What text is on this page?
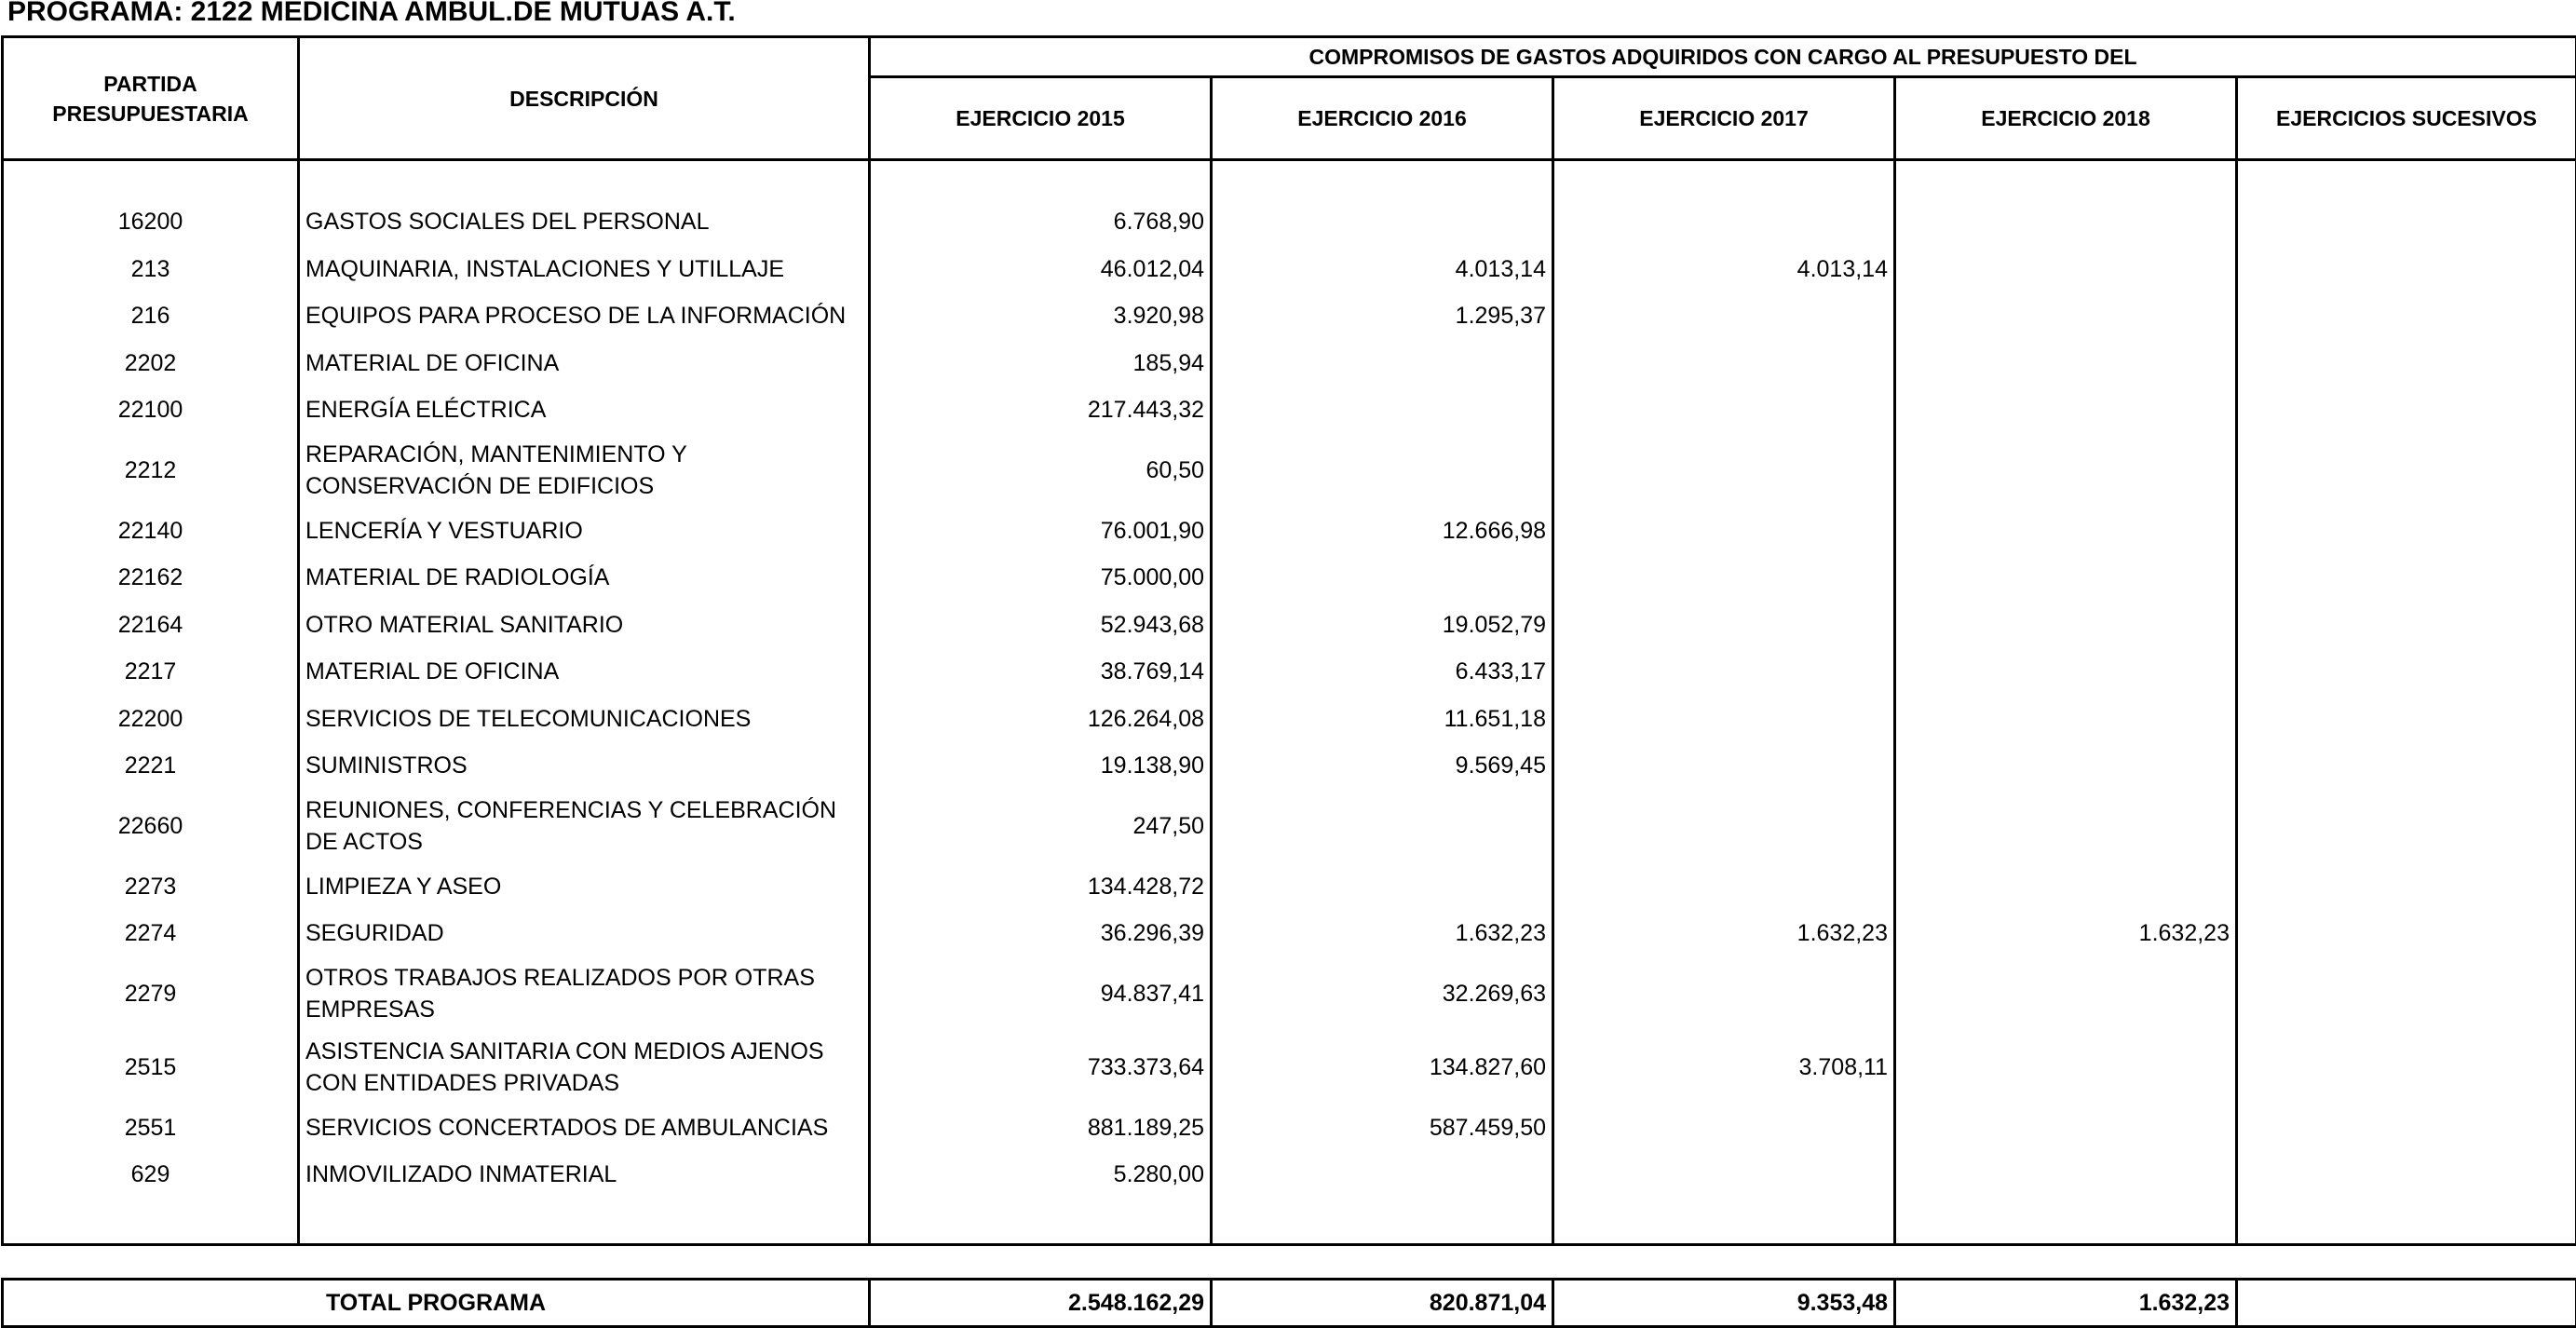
PROGRAMA: 2122 MEDICINA AMBUL.DE MUTUAS A.T.
PARTIDA PRESUPUESTARIA	DESCRIPCIÓN	COMPROMISOS DE GASTOS ADQUIRIDOS CON CARGO AL PRESUPUESTO DEL				
		EJERCICIO 2015	EJERCICIO 2016	EJERCICIO 2017	EJERCICIO 2018	EJERCICIOS SUCESIVOS

16200	GASTOS SOCIALES DEL PERSONAL	6.768,90				
213	MAQUINARIA, INSTALACIONES Y UTILLAJE	46.012,04	4.013,14	4.013,14		
216	EQUIPOS PARA PROCESO DE LA INFORMACIÓN	3.920,98	1.295,37			
2202	MATERIAL DE OFICINA	185,94				
22100	ENERGÍA ELÉCTRICA	217.443,32				
2212	REPARACIÓN, MANTENIMIENTO Y CONSERVACIÓN DE EDIFICIOS	60,50				
22140	LENCERÍA Y VESTUARIO	76.001,90	12.666,98			
22162	MATERIAL DE RADIOLOGÍA	75.000,00				
22164	OTRO MATERIAL SANITARIO	52.943,68	19.052,79			
2217	MATERIAL DE OFICINA	38.769,14	6.433,17			
22200	SERVICIOS DE TELECOMUNICACIONES	126.264,08	11.651,18			
2221	SUMINISTROS	19.138,90	9.569,45			
22660	REUNIONES, CONFERENCIAS Y CELEBRACIÓN DE ACTOS	247,50				
2273	LIMPIEZA Y ASEO	134.428,72				
2274	SEGURIDAD	36.296,39	1.632,23	1.632,23	1.632,23	
2279	OTROS TRABAJOS REALIZADOS POR OTRAS EMPRESAS	94.837,41	32.269,63			
2515	ASISTENCIA SANITARIA CON MEDIOS AJENOS CON ENTIDADES PRIVADAS	733.373,64	134.827,60	3.708,11		
2551	SERVICIOS CONCERTADOS DE AMBULANCIAS	881.189,25	587.459,50			
629	INMOVILIZADO INMATERIAL	5.280,00				

TOTAL PROGRAMA	2.548.162,29	820.871,04	9.353,48	1.632,23	
